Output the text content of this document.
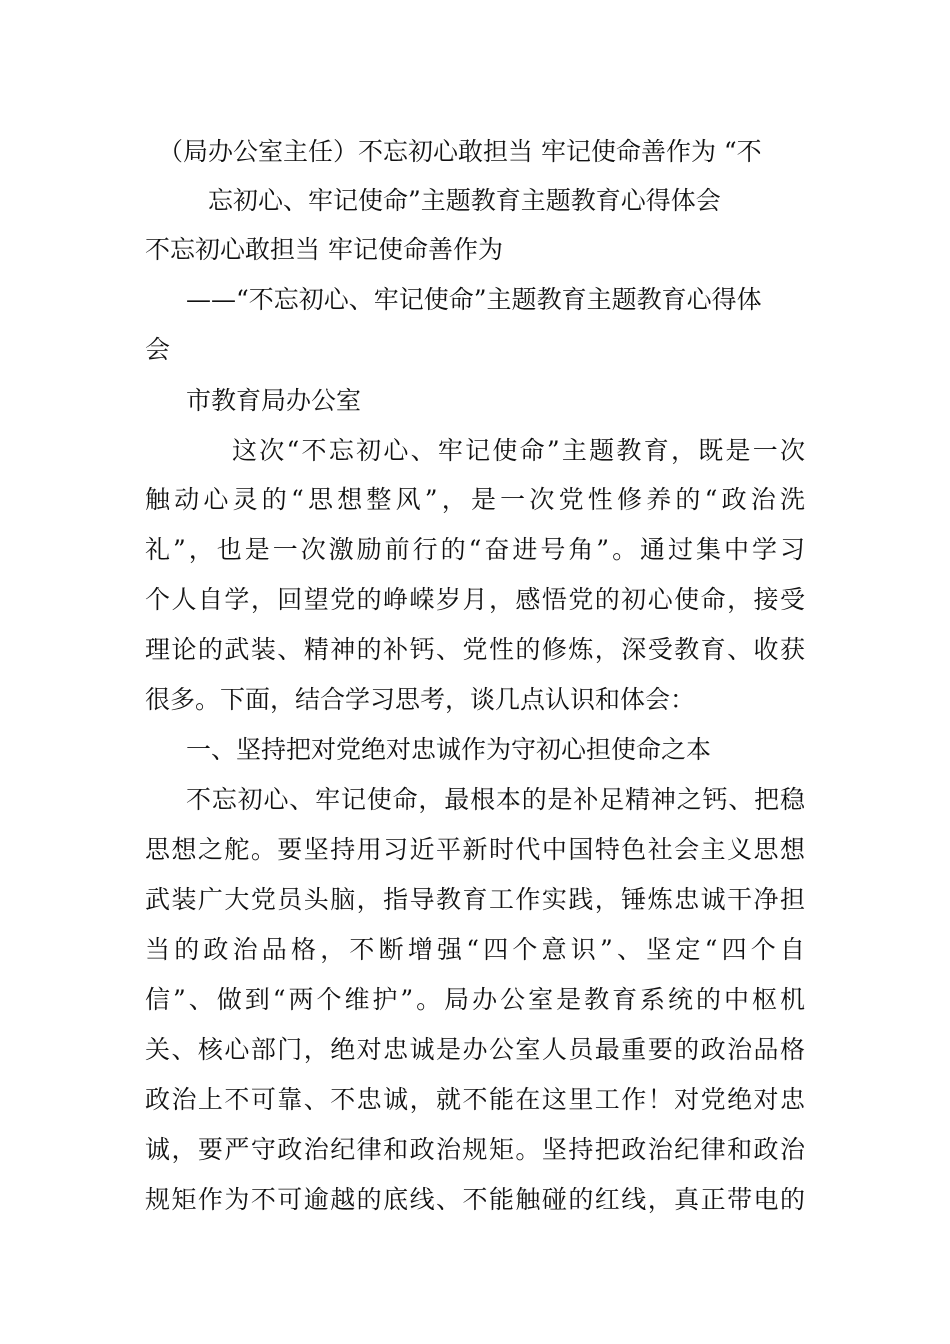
（局办公室主任）不忘初心敢担当 牢记使命善作为 “不
忘初心、牢记使命”主题教育主题教育心得体会
不忘初心敢担当 牢记使命善作为
——“不忘初心、牢记使命”主题教育主题教育心得体
会
市教育局办公室
这次“不忘初心、牢记使命”主题教育，既是一次
触动心灵的“思想整风”，是一次党性修养的“政治洗
礼”，也是一次激励前行的“奋进号角”。通过集中学习
个人自学，回望党的峥嵘岁月，感悟党的初心使命，接受
理论的武装、精神的补钙、党性的修炼，深受教育、收获
很多。下面，结合学习思考，谈几点认识和体会：
一、坚持把对党绝对忠诚作为守初心担使命之本
不忘初心、牢记使命，最根本的是补足精神之钙、把稳
思想之舵。要坚持用习近平新时代中国特色社会主义思想
武装广大党员头脑，指导教育工作实践，锤炼忠诚干净担
当的政治品格，不断增强“四个意识”、坚定“四个自
信”、做到“两个维护”。局办公室是教育系统的中枢机
关、核心部门，绝对忠诚是办公室人员最重要的政治品格
政治上不可靠、不忠诚，就不能在这里工作！对党绝对忠
诚，要严守政治纪律和政治规矩。坚持把政治纪律和政治
规矩作为不可逾越的底线、不能触碰的红线，真正带电的
